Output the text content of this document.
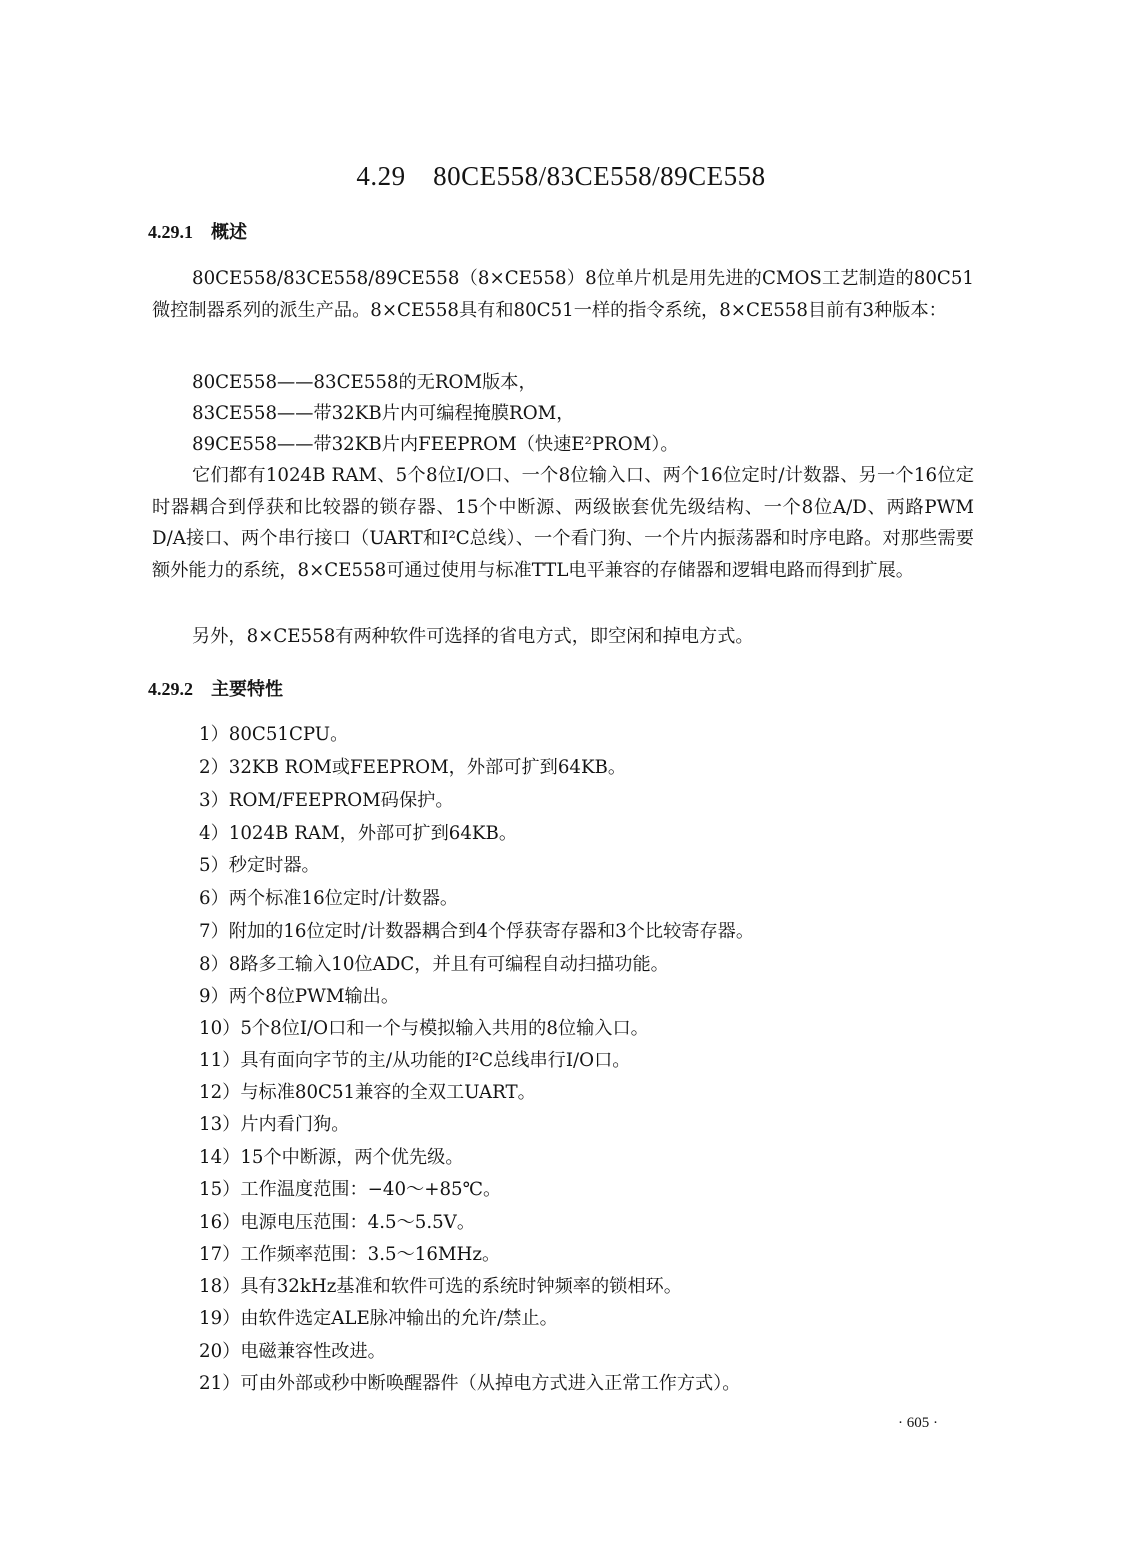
4.29　80CE558/83CE558/89CE558
4.29.1 概述
80CE558/83CE558/89CE558（8×CE558）8位单片机是用先进的CMOS工艺制造的80C51微控制器系列的派生产品。8×CE558具有和80C51一样的指令系统，8×CE558目前有3种版本：
80CE558——83CE558的无ROM版本，
83CE558——带32KB片内可编程掩膜ROM，
89CE558——带32KB片内FEEPROM（快速E²PROM）。
它们都有1024B RAM、5个8位I/O口、一个8位输入口、两个16位定时/计数器、另一个16位定时器耦合到俘获和比较器的锁存器、15个中断源、两级嵌套优先级结构、一个8位A/D、两路PWM D/A接口、两个串行接口（UART和I²C总线）、一个看门狗、一个片内振荡器和时序电路。对那些需要额外能力的系统，8×CE558可通过使用与标准TTL电平兼容的存储器和逻辑电路而得到扩展。
另外，8×CE558有两种软件可选择的省电方式，即空闲和掉电方式。
4.29.2 主要特性
1）80C51CPU。
2）32KB ROM或FEEPROM，外部可扩到64KB。
3）ROM/FEEPROM码保护。
4）1024B RAM，外部可扩到64KB。
5）秒定时器。
6）两个标准16位定时/计数器。
7）附加的16位定时/计数器耦合到4个俘获寄存器和3个比较寄存器。
8）8路多工输入10位ADC，并且有可编程自动扫描功能。
9）两个8位PWM输出。
10）5个8位I/O口和一个与模拟输入共用的8位输入口。
11）具有面向字节的主/从功能的I²C总线串行I/O口。
12）与标准80C51兼容的全双工UART。
13）片内看门狗。
14）15个中断源，两个优先级。
15）工作温度范围：−40～+85℃。
16）电源电压范围：4.5～5.5V。
17）工作频率范围：3.5～16MHz。
18）具有32kHz基准和软件可选的系统时钟频率的锁相环。
19）由软件选定ALE脉冲输出的允许/禁止。
20）电磁兼容性改进。
21）可由外部或秒中断唤醒器件（从掉电方式进入正常工作方式）。
· 605 ·
